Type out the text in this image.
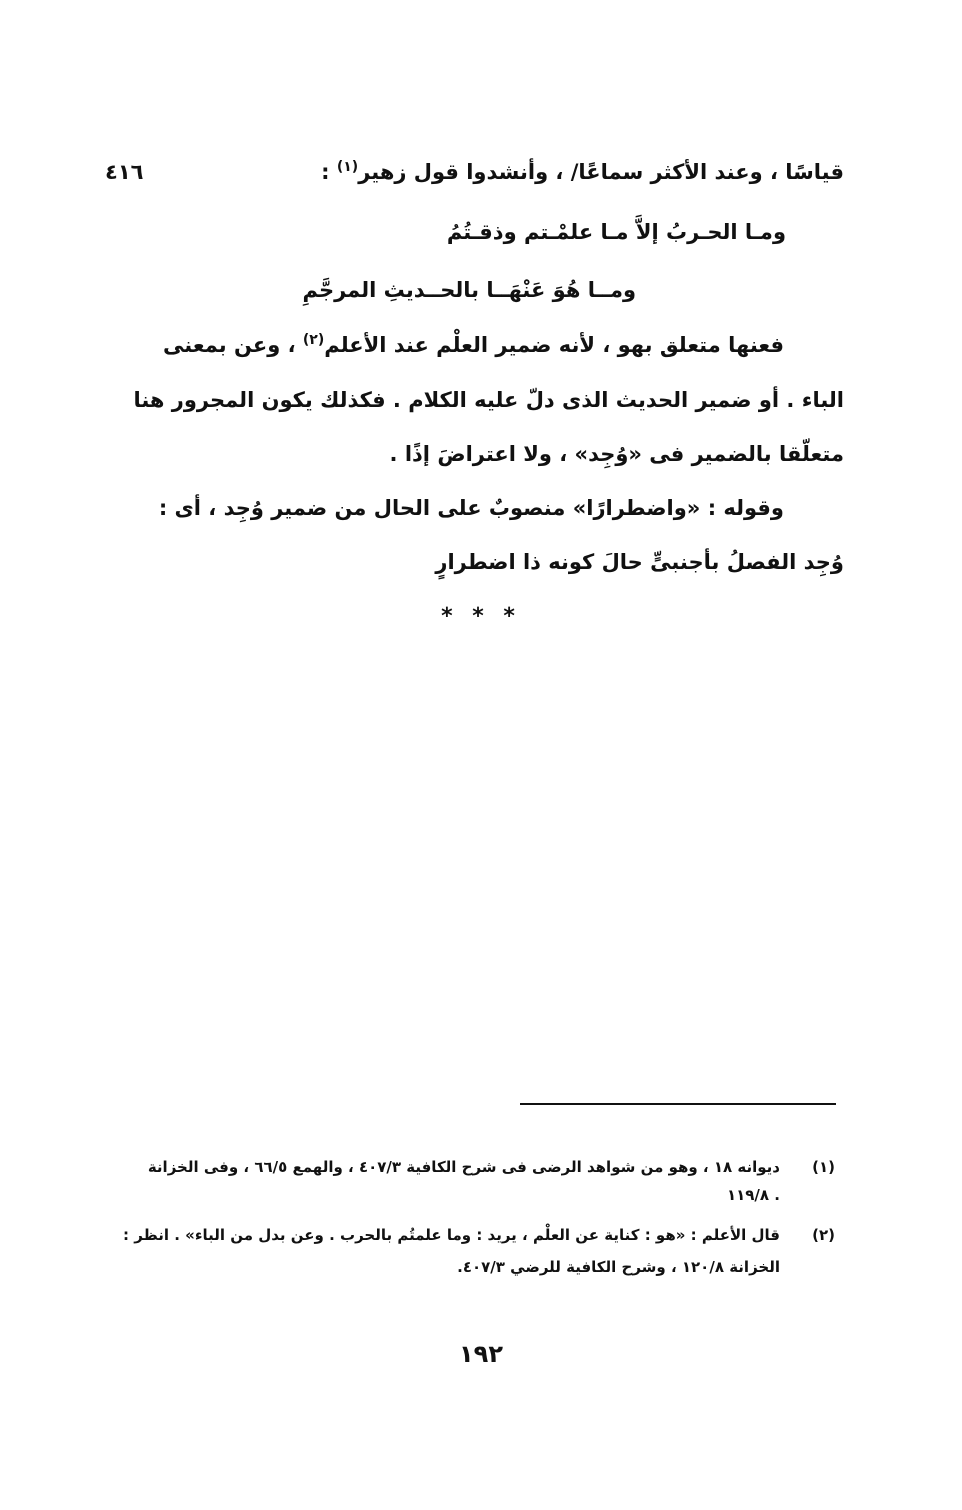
٤١٦	قياسًا ، وعند الأكثر سماعًا/ ، وأنشدوا قول زهير$^{(١)}$ :
ومـا الحـربُ إلاَّ مـا علمْـتم وذقـتُمُ
ومــا هُوَ عَنْهَــا بالحــديثِ المرجَّمِ
فعنها متعلق بهو ، لأنه ضمير العلْم عند الأعلم$^{(٢)}$ ، وعن بمعنى
الباء . أو ضمير الحديث الذى دلّ عليه الكلام . فكذلك يكون المجرور هنا
متعلّقا بالضمير فى «وُجِد» ، ولا اعتراضَ إذًا .
وقوله : «واضطرارًا» منصوبٌ على الحال من ضمير وُجِد ، أى :
وُجِد الفصلُ بأجنبىٍّ حالَ كونه ذا اضطرارٍ
* * *
(١)
ديوانه ١٨ ، وهو من شواهد الرضى فى شرح الكافية ٤٠٧/٣ ، والهمع ٦٦/٥ ، وفى الخزانة
١١٩/٨ .
(٢)
قال الأعلم : «هو : كناية عن العلْم ، يريد : وما علمتُم بالحرب . وعن بدل من الباء» . انظر :
الخزانة ١٢٠/٨ ، وشرح الكافية للرضي ٤٠٧/٣.
١٩٢
